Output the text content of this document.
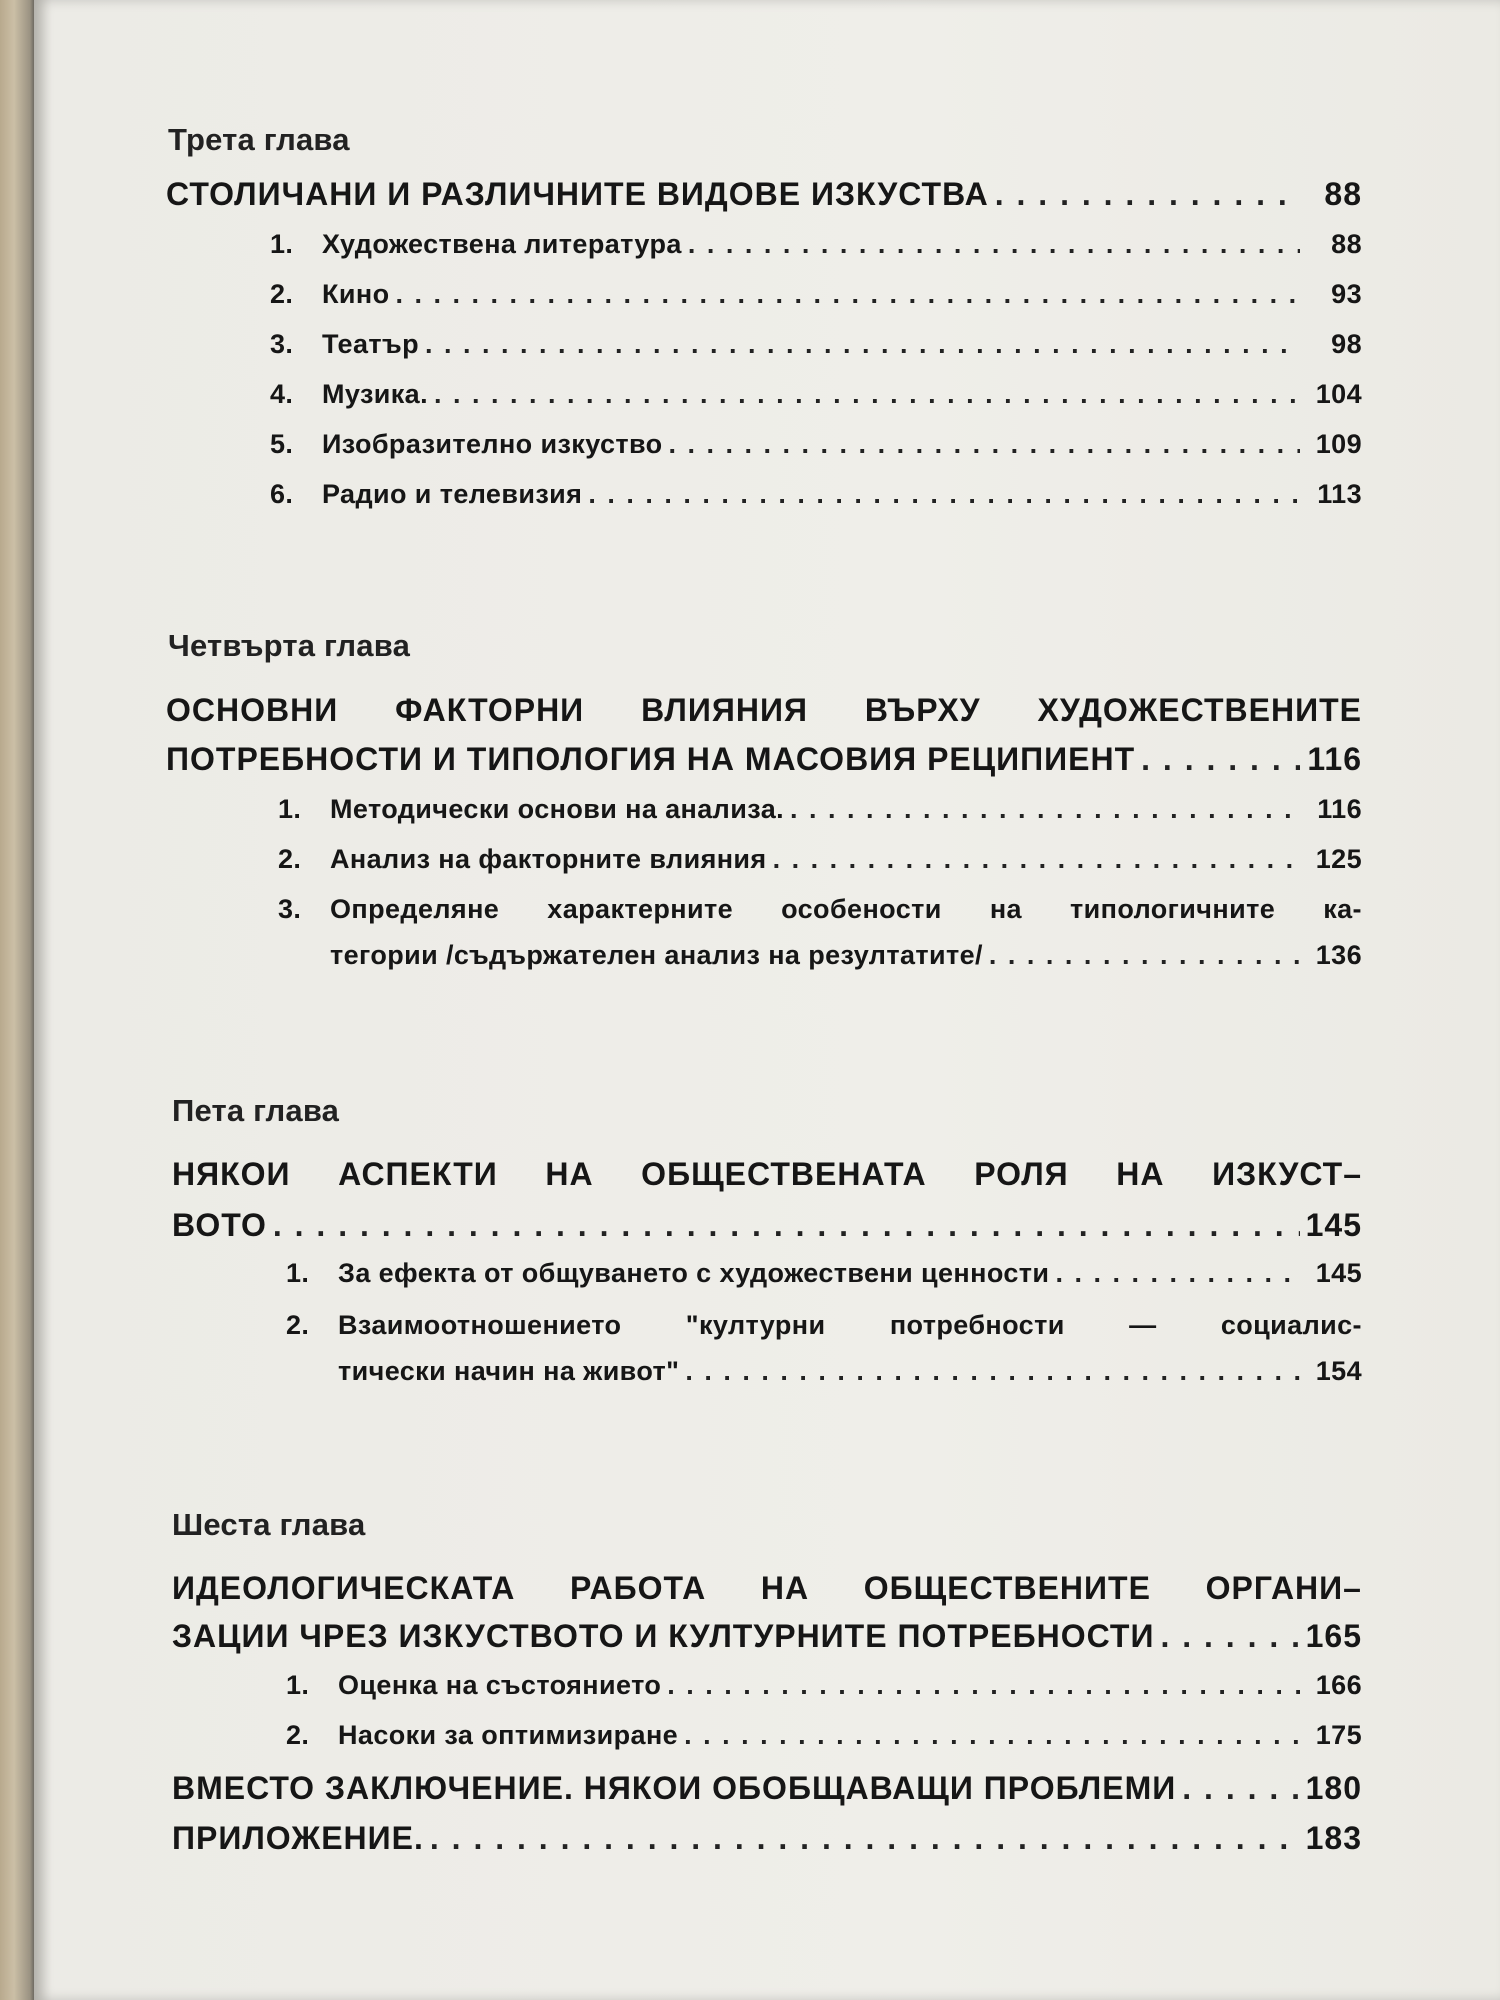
Трета глава
СТОЛИЧАНИ И РАЗЛИЧНИТЕ ВИДОВЕ ИЗКУСТВА . . .	88
1.	Художествена литература . . .	88
2.	Кино . . .	93
3.	Театър . . .	98
4.	Музика. . . .	104
5.	Изобразително изкуство . . .	109
6.	Радио и телевизия . . .	113
Четвърта глава
ОСНОВНИ ФАКТОРНИ ВЛИЯНИЯ ВЪРХУ ХУДОЖЕСТВЕНИТЕ
ПОТРЕБНОСТИ И ТИПОЛОГИЯ НА МАСОВИЯ РЕЦИПИЕНТ . . .	116
1.	Методически основи на анализа. . . .	116
2.	Анализ на факторните влияния . . .	125
3.	Определяне характерните особености на типологичните ка-
тегории /съдържателен анализ на резултатите/ . . .	136
Пета глава
НЯКОИ АСПЕКТИ НА ОБЩЕСТВЕНАТА РОЛЯ НА ИЗКУСТ–
ВОТО . . .	145
1.	За ефекта от общуването с художествени ценности . . .	145
2.	Взаимоотношението "културни потребности — социалис-
тически начин на живот" . . .	154
Шеста глава
ИДЕОЛОГИЧЕСКАТА РАБОТА НА ОБЩЕСТВЕНИТЕ ОРГАНИ–
ЗАЦИИ ЧРЕЗ ИЗКУСТВОТО И КУЛТУРНИТЕ ПОТРЕБНОСТИ . . .	165
1.	Оценка на състоянието . . .	166
2.	Насоки за оптимизиране . . .	175
ВМЕСТО ЗАКЛЮЧЕНИЕ. НЯКОИ ОБОБЩАВАЩИ ПРОБЛЕМИ . . .	180
ПРИЛОЖЕНИЕ. . . .	183
